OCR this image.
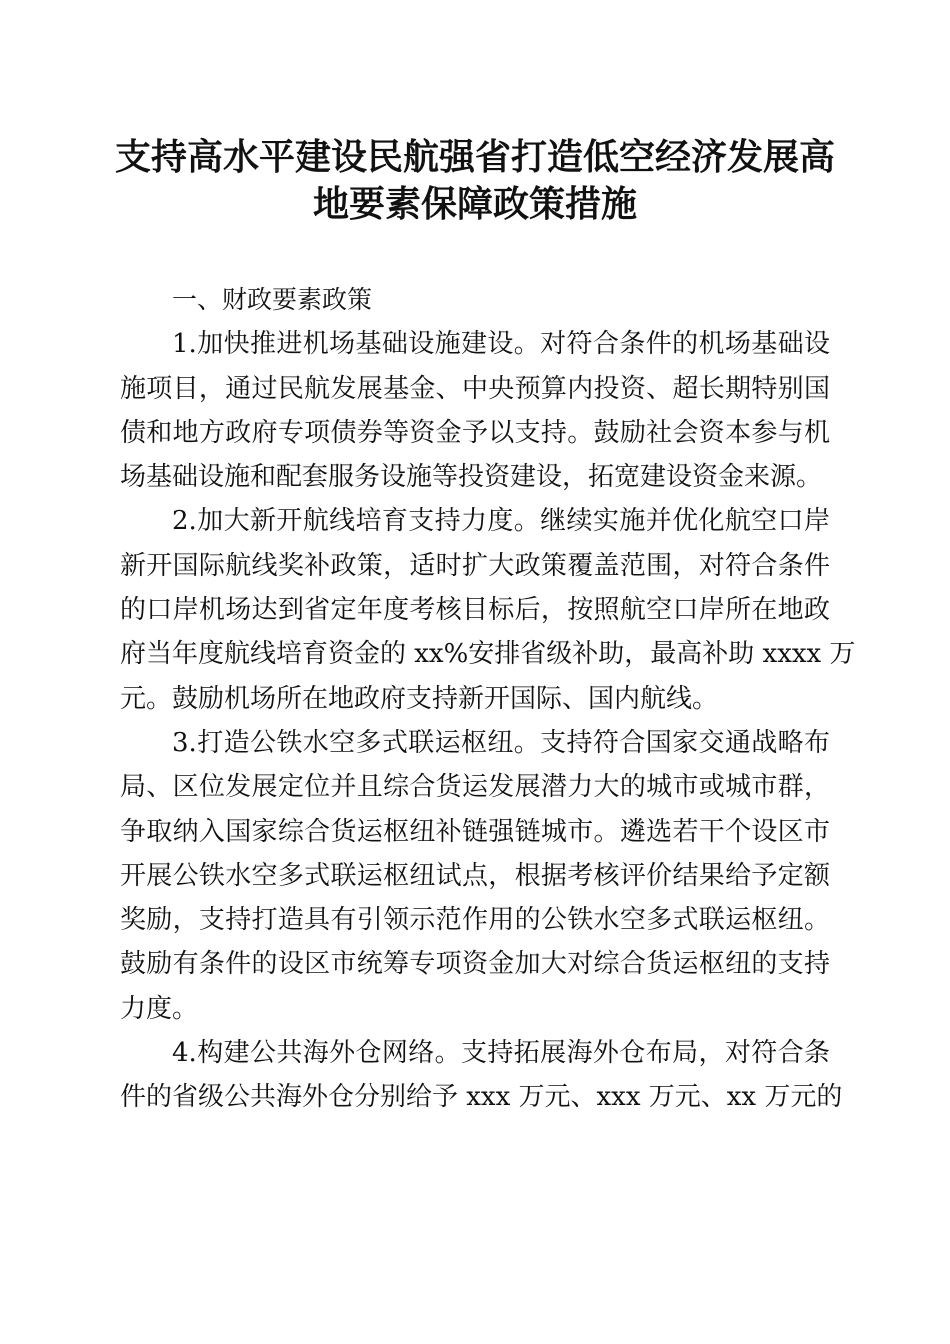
支持高水平建设民航强省打造低空经济发展高
地要素保障政策措施
一、财政要素政策
1.加快推进机场基础设施建设。对符合条件的机场基础设
施项目，通过民航发展基金、中央预算内投资、超长期特别国
债和地方政府专项债券等资金予以支持。鼓励社会资本参与机
场基础设施和配套服务设施等投资建设，拓宽建设资金来源。
2.加大新开航线培育支持力度。继续实施并优化航空口岸
新开国际航线奖补政策，适时扩大政策覆盖范围，对符合条件
的口岸机场达到省定年度考核目标后，按照航空口岸所在地政
府当年度航线培育资金的 xx%安排省级补助，最高补助 xxxx 万
元。鼓励机场所在地政府支持新开国际、国内航线。
3.打造公铁水空多式联运枢纽。支持符合国家交通战略布
局、区位发展定位并且综合货运发展潜力大的城市或城市群，
争取纳入国家综合货运枢纽补链强链城市。遴选若干个设区市
开展公铁水空多式联运枢纽试点，根据考核评价结果给予定额
奖励，支持打造具有引领示范作用的公铁水空多式联运枢纽。
鼓励有条件的设区市统筹专项资金加大对综合货运枢纽的支持
力度。
4.构建公共海外仓网络。支持拓展海外仓布局，对符合条
件的省级公共海外仓分别给予 xxx 万元、xxx 万元、xx 万元的
